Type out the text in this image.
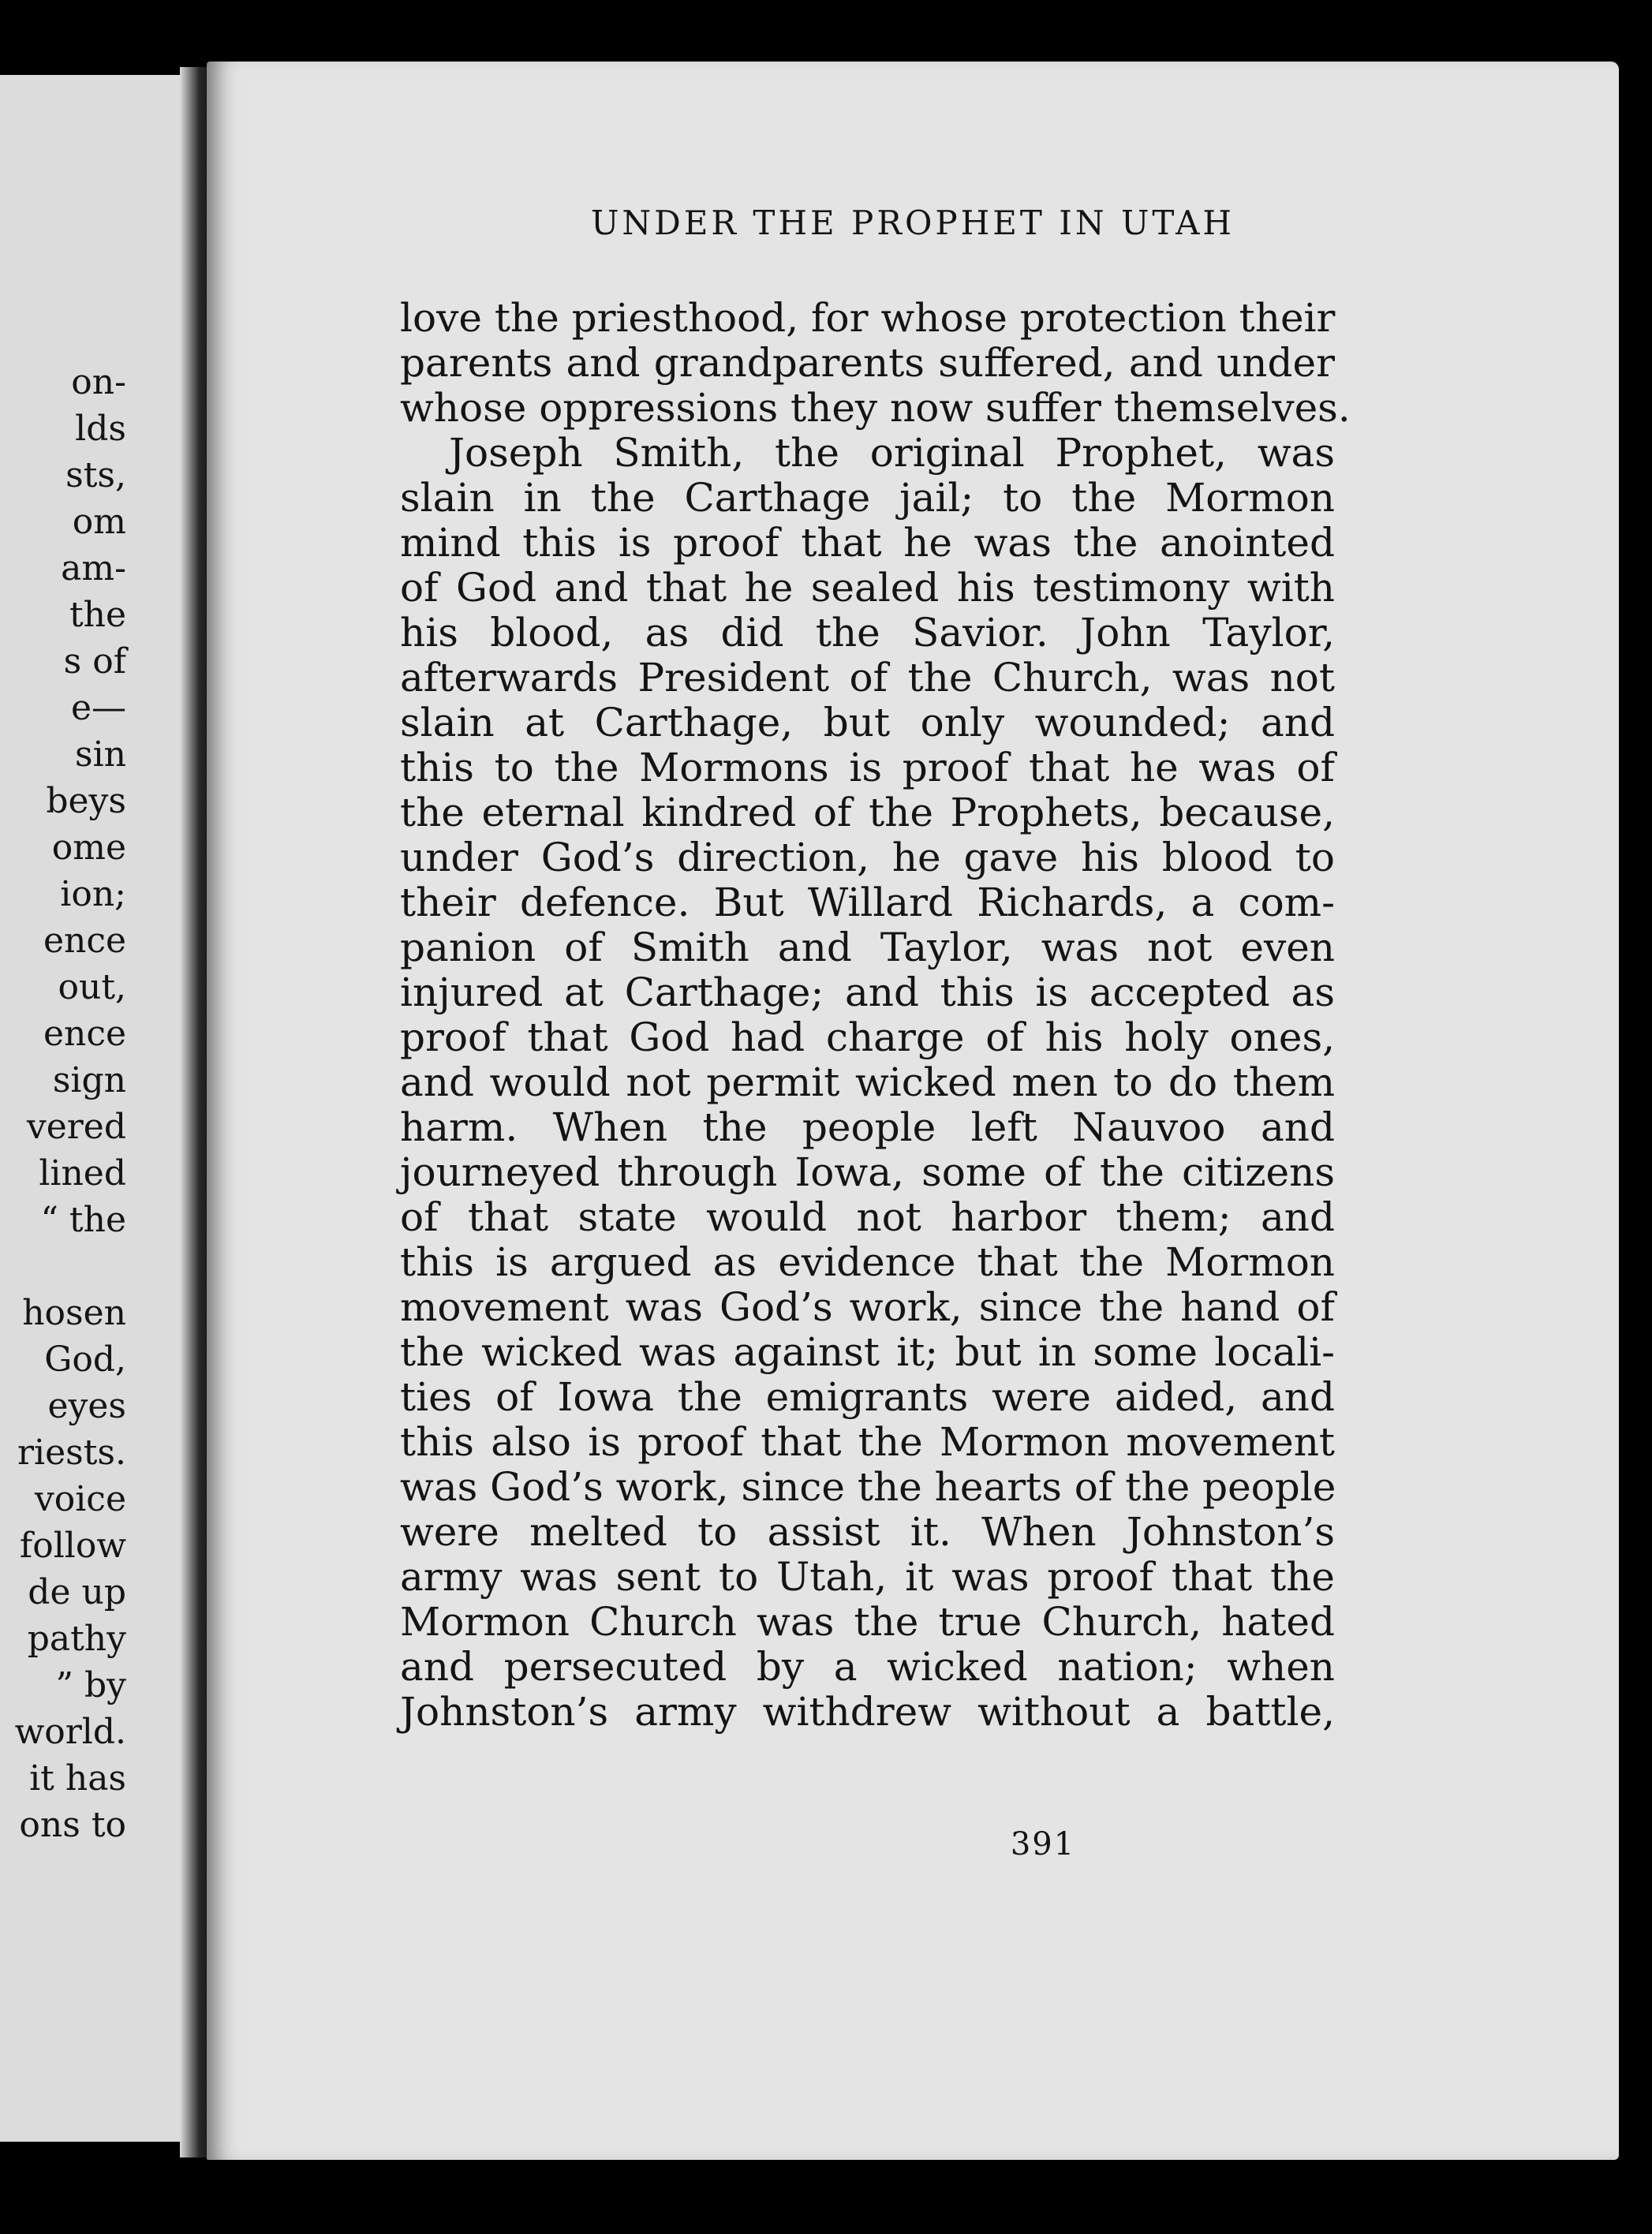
on-
lds
sts,
om
am-
the
s of
e—
sin
beys
ome
ion;
ence
out,
ence
sign
vered
lined
“ the
hosen
God,
eyes
riests.
voice
follow
de up
pathy
” by
world.
it has
ons to
UNDER THE PROPHET IN UTAH
love the priesthood, for whose protection their
parents and grandparents suffered, and under
whose oppressions they now suffer themselves.
Joseph Smith, the original Prophet, was
slain in the Carthage jail; to the Mormon
mind this is proof that he was the anointed
of God and that he sealed his testimony with
his blood, as did the Savior. John Taylor,
afterwards President of the Church, was not
slain at Carthage, but only wounded; and
this to the Mormons is proof that he was of
the eternal kindred of the Prophets, because,
under God’s direction, he gave his blood to
their defence. But Willard Richards, a com-
panion of Smith and Taylor, was not even
injured at Carthage; and this is accepted as
proof that God had charge of his holy ones,
and would not permit wicked men to do them
harm. When the people left Nauvoo and
journeyed through Iowa, some of the citizens
of that state would not harbor them; and
this is argued as evidence that the Mormon
movement was God’s work, since the hand of
the wicked was against it; but in some locali-
ties of Iowa the emigrants were aided, and
this also is proof that the Mormon movement
was God’s work, since the hearts of the people
were melted to assist it. When Johnston’s
army was sent to Utah, it was proof that the
Mormon Church was the true Church, hated
and persecuted by a wicked nation; when
Johnston’s army withdrew without a battle,
391
